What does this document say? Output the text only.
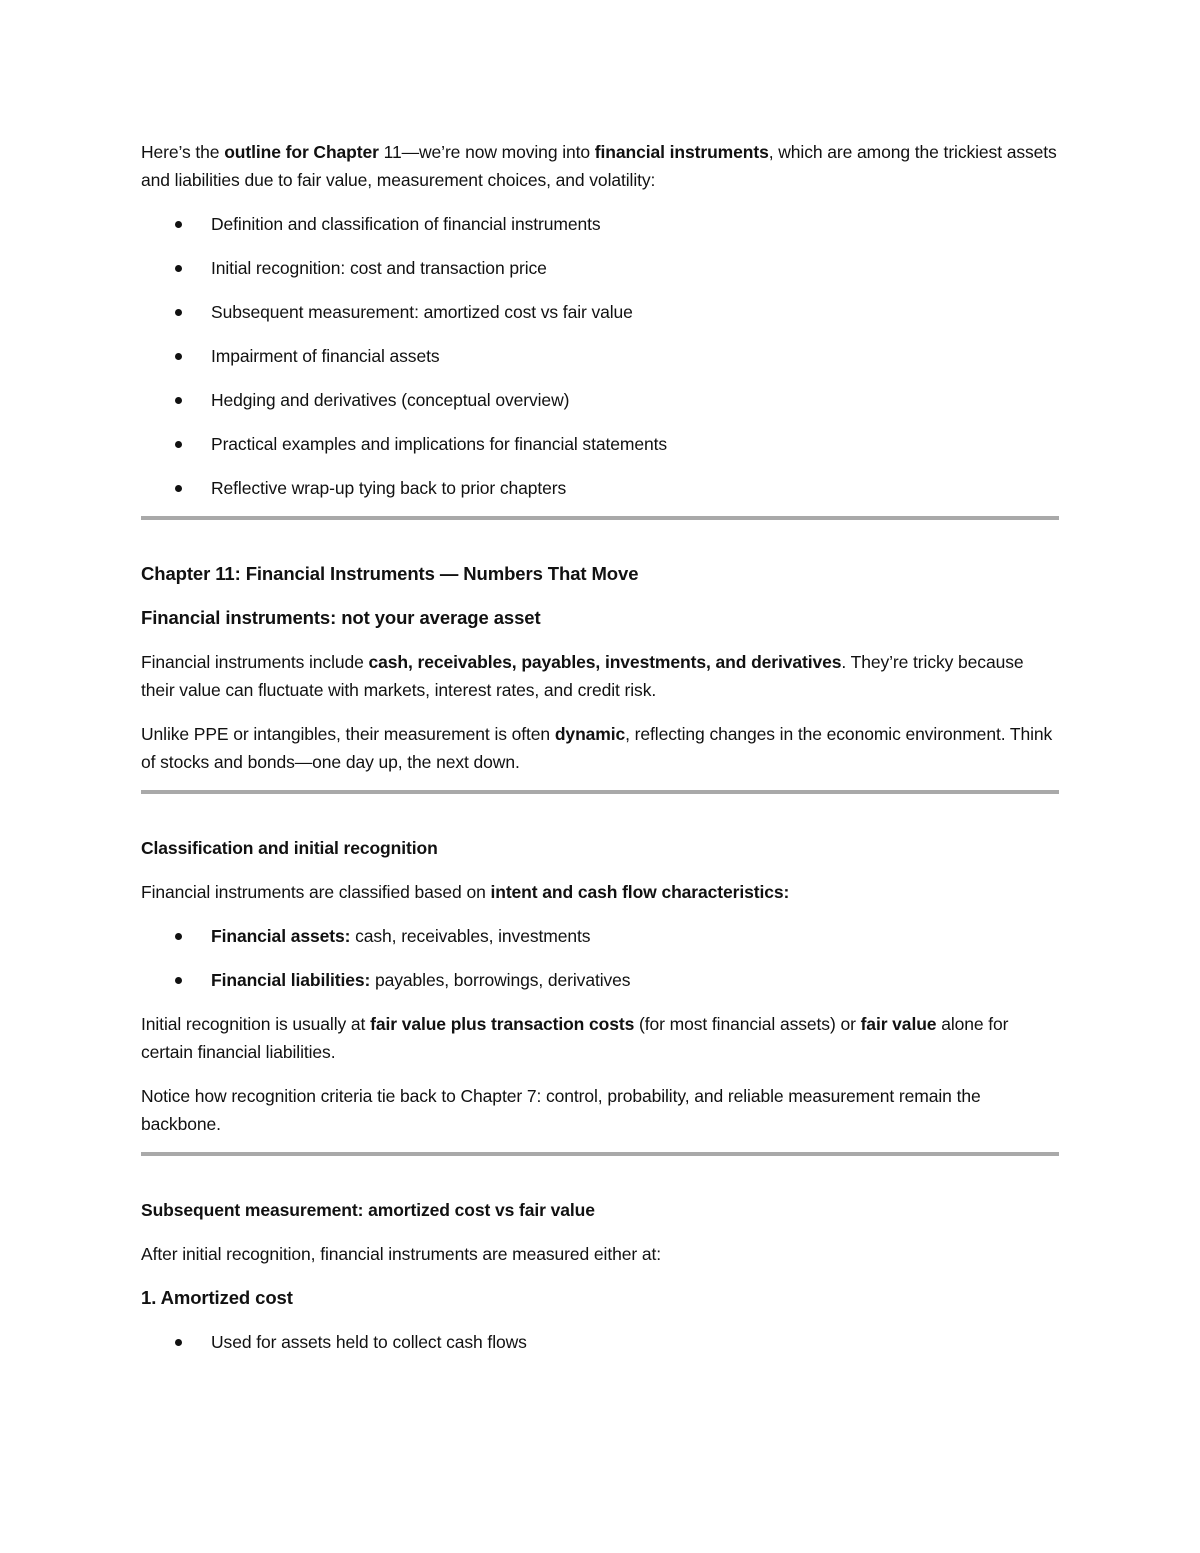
Here’s the outline for Chapter 11—we’re now moving into financial instruments, which are among the trickiest assets and liabilities due to fair value, measurement choices, and volatility:

Definition and classification of financial instruments
Initial recognition: cost and transaction price
Subsequent measurement: amortized cost vs fair value
Impairment of financial assets
Hedging and derivatives (conceptual overview)
Practical examples and implications for financial statements
Reflective wrap-up tying back to prior chapters
Chapter 11: Financial Instruments — Numbers That Move
Financial instruments: not your average asset

Financial instruments include cash, receivables, payables, investments, and derivatives. They’re tricky because their value can fluctuate with markets, interest rates, and credit risk.

Unlike PPE or intangibles, their measurement is often dynamic, reflecting changes in the economic environment. Think of stocks and bonds—one day up, the next down.

Classification and initial recognition

Financial instruments are classified based on intent and cash flow characteristics:

Financial assets: cash, receivables, investments
Financial liabilities: payables, borrowings, derivatives

Initial recognition is usually at fair value plus transaction costs (for most financial assets) or fair value alone for certain financial liabilities.

Notice how recognition criteria tie back to Chapter 7: control, probability, and reliable measurement remain the backbone.

Subsequent measurement: amortized cost vs fair value

After initial recognition, financial instruments are measured either at:

1. Amortized cost
Used for assets held to collect cash flows
